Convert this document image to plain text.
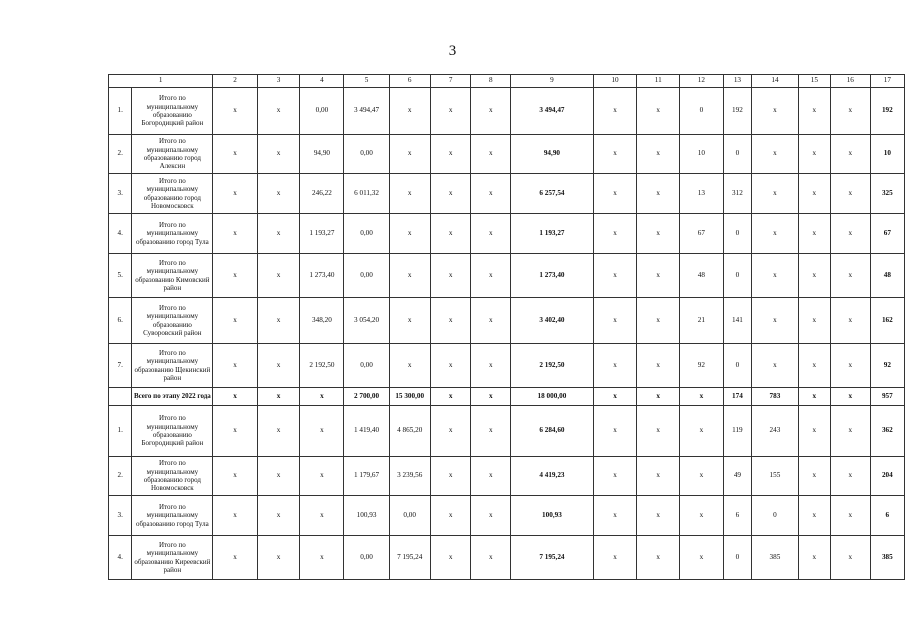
3
1		2	3	4	5	6	7	8	9	10	11	12	13	14	15	16	17
1.	Итого по муниципальному образованию Богородицкий район	x	x	0,00	3 494,47	x	x	x	3 494,47	x	x	0	192	x	x	x	192
2.	Итого по муниципальному образованию город Алексин	x	x	94,90	0,00	x	x	x	94,90	x	x	10	0	x	x	x	10
3.	Итого по муниципальному образованию город Новомосковск	x	x	246,22	6 011,32	x	x	x	6 257,54	x	x	13	312	x	x	x	325
4.	Итого по муниципальному образованию город Тула	x	x	1 193,27	0,00	x	x	x	1 193,27	x	x	67	0	x	x	x	67
5.	Итого по муниципальному образованию Кимовский район	x	x	1 273,40	0,00	x	x	x	1 273,40	x	x	48	0	x	x	x	48
6.	Итого по муниципальному образованию Суворовский район	x	x	348,20	3 054,20	x	x	x	3 402,40	x	x	21	141	x	x	x	162
7.	Итого по муниципальному образованию Щекинский район	x	x	2 192,50	0,00	x	x	x	2 192,50	x	x	92	0	x	x	x	92
	Всего по этапу 2022 года	x	x	x	2 700,00	15 300,00	x	x	18 000,00	x	x	x	174	783	x	x	957
1.	Итого по муниципальному образованию Богородицкий район	x	x	x	1 419,40	4 865,20	x	x	6 284,60	x	x	x	119	243	x	x	362
2.	Итого по муниципальному образованию город Новомосковск	x	x	x	1 179,67	3 239,56	x	x	4 419,23	x	x	x	49	155	x	x	204
3.	Итого по муниципальному образованию город Тула	x	x	x	100,93	0,00	x	x	100,93	x	x	x	6	0	x	x	6
4.	Итого по муниципальному образованию Киреевский район	x	x	x	0,00	7 195,24	x	x	7 195,24	x	x	x	0	385	x	x	385
